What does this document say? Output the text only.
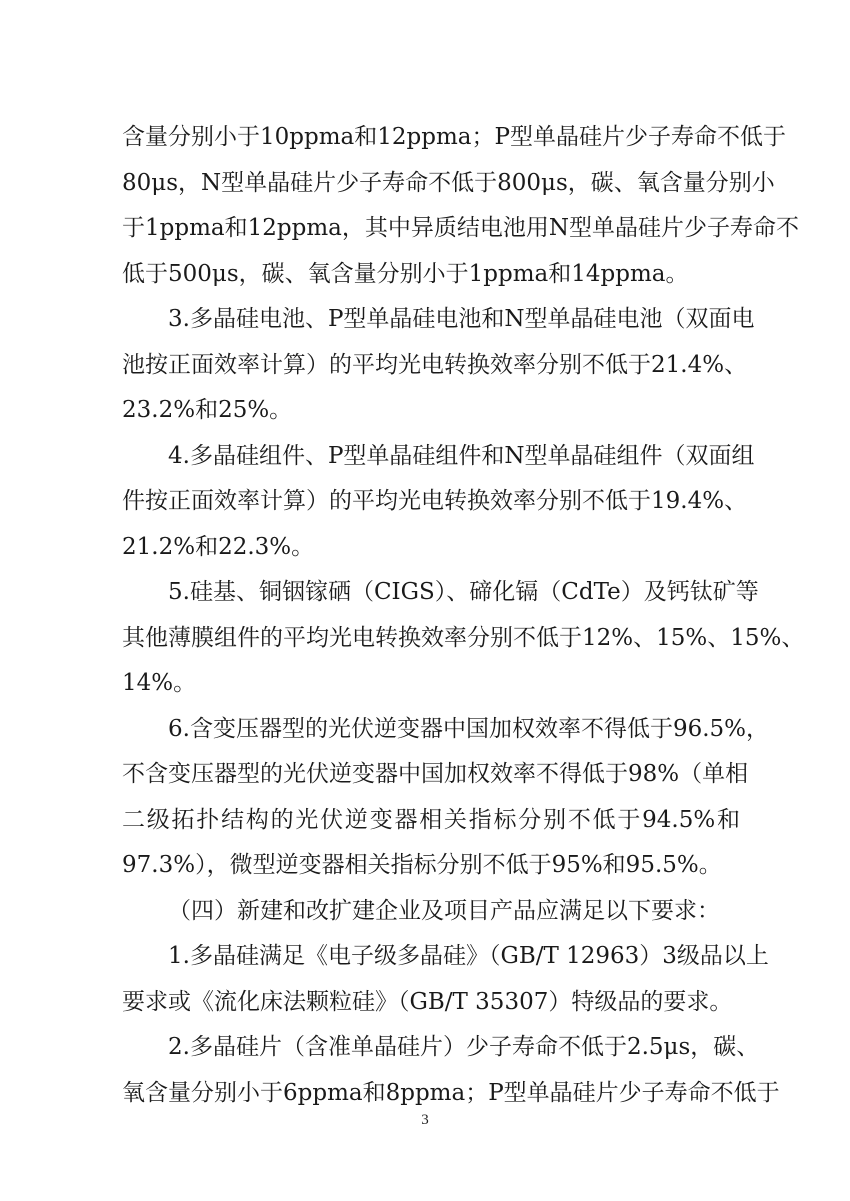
含量分别小于10ppma和12ppma；P型单晶硅片少子寿命不低于
80μs，N型单晶硅片少子寿命不低于800μs，碳、氧含量分别小
于1ppma和12ppma，其中异质结电池用N型单晶硅片少子寿命不
低于500μs，碳、氧含量分别小于1ppma和14ppma。
3.多晶硅电池、P型单晶硅电池和N型单晶硅电池（双面电
池按正面效率计算）的平均光电转换效率分别不低于21.4%、
23.2%和25%。
4.多晶硅组件、P型单晶硅组件和N型单晶硅组件（双面组
件按正面效率计算）的平均光电转换效率分别不低于19.4%、
21.2%和22.3%。
5.硅基、铜铟镓硒（CIGS）、碲化镉（CdTe）及钙钛矿等
其他薄膜组件的平均光电转换效率分别不低于12%、15%、15%、
14%。
6.含变压器型的光伏逆变器中国加权效率不得低于96.5%，
不含变压器型的光伏逆变器中国加权效率不得低于98%（单相
二级拓扑结构的光伏逆变器相关指标分别不低于94.5%和
97.3%），微型逆变器相关指标分别不低于95%和95.5%。
（四）新建和改扩建企业及项目产品应满足以下要求：
1.多晶硅满足《电子级多晶硅》（GB/T 12963）3级品以上
要求或《流化床法颗粒硅》（GB/T 35307）特级品的要求。
2.多晶硅片（含准单晶硅片）少子寿命不低于2.5μs，碳、
氧含量分别小于6ppma和8ppma；P型单晶硅片少子寿命不低于
3
